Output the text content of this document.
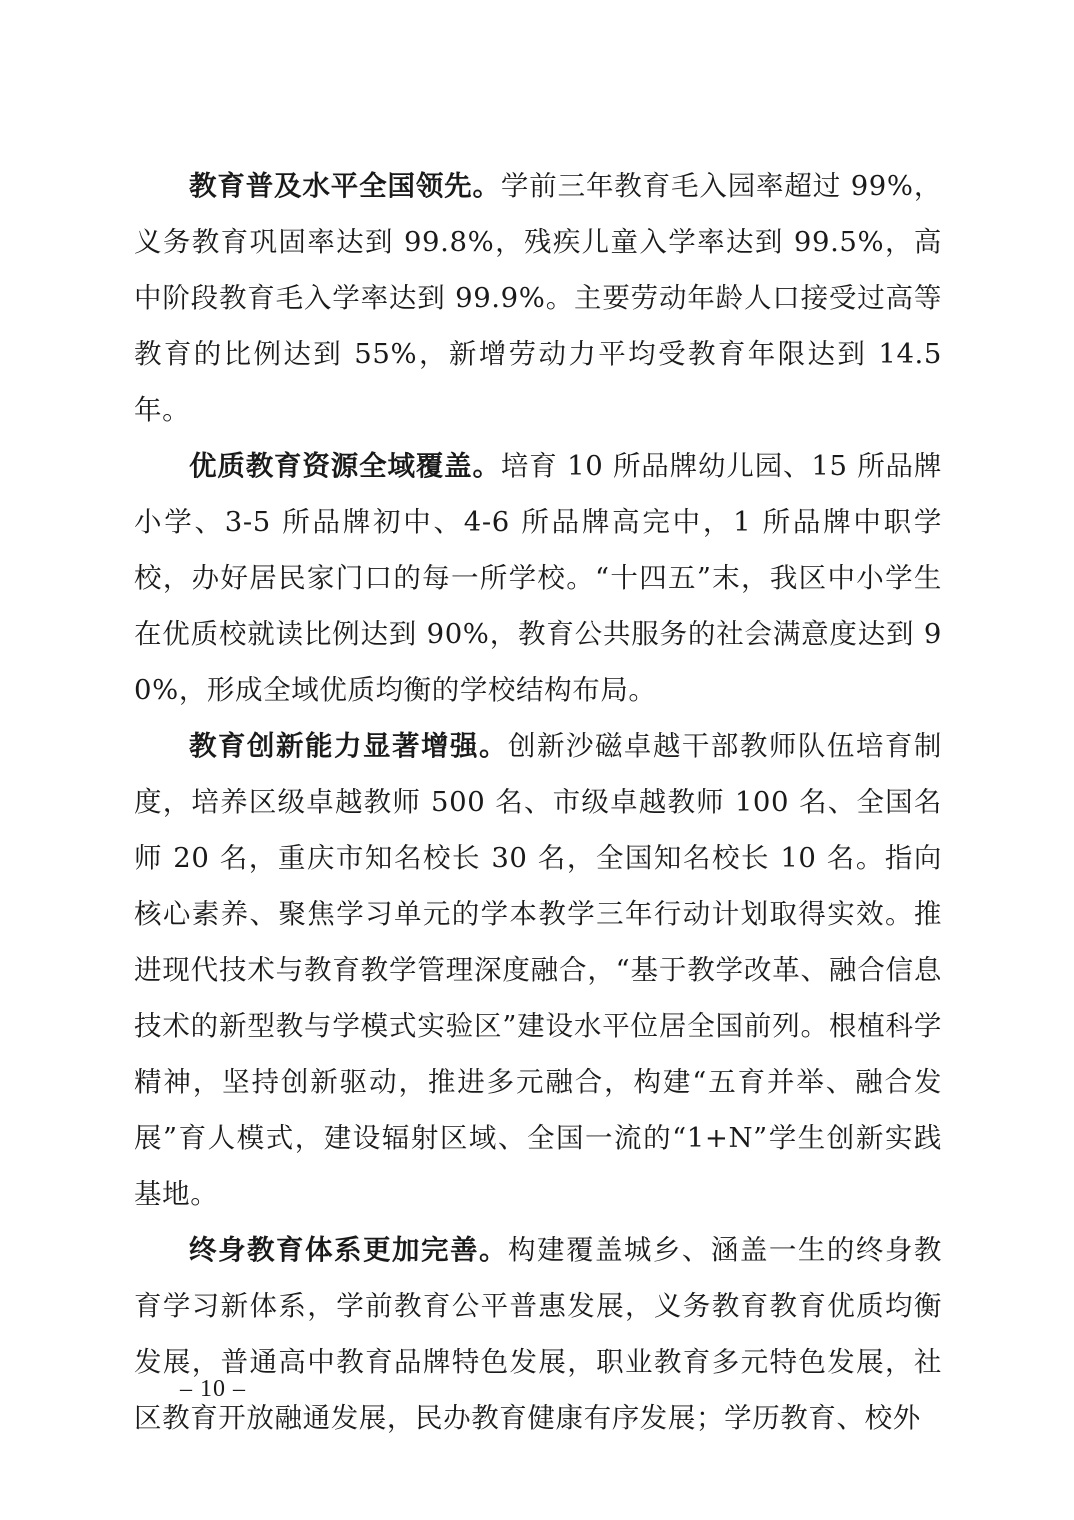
教育普及水平全国领先。学前三年教育毛入园率超过 99%，义务教育巩固率达到 99.8%，残疾儿童入学率达到 99.5%，高中阶段教育毛入学率达到 99.9%。主要劳动年龄人口接受过高等教育的比例达到 55%，新增劳动力平均受教育年限达到 14.5 年。

优质教育资源全域覆盖。培育 10 所品牌幼儿园、15 所品牌小学、3-5 所品牌初中、4-6 所品牌高完中，1 所品牌中职学校，办好居民家门口的每一所学校。“十四五”末，我区中小学生在优质校就读比例达到 90%，教育公共服务的社会满意度达到 90%，形成全域优质均衡的学校结构布局。

教育创新能力显著增强。创新沙磁卓越干部教师队伍培育制度，培养区级卓越教师 500 名、市级卓越教师 100 名、全国名师 20 名，重庆市知名校长 30 名，全国知名校长 10 名。指向核心素养、聚焦学习单元的学本教学三年行动计划取得实效。推进现代技术与教育教学管理深度融合，“基于教学改革、融合信息技术的新型教与学模式实验区”建设水平位居全国前列。根植科学精神，坚持创新驱动，推进多元融合，构建“五育并举、融合发展”育人模式，建设辐射区域、全国一流的“1+N”学生创新实践基地。

终身教育体系更加完善。构建覆盖城乡、涵盖一生的终身教育学习新体系，学前教育公平普惠发展，义务教育教育优质均衡发展，普通高中教育品牌特色发展，职业教育多元特色发展，社区教育开放融通发展，民办教育健康有序发展；学历教育、校外

– 10 –
